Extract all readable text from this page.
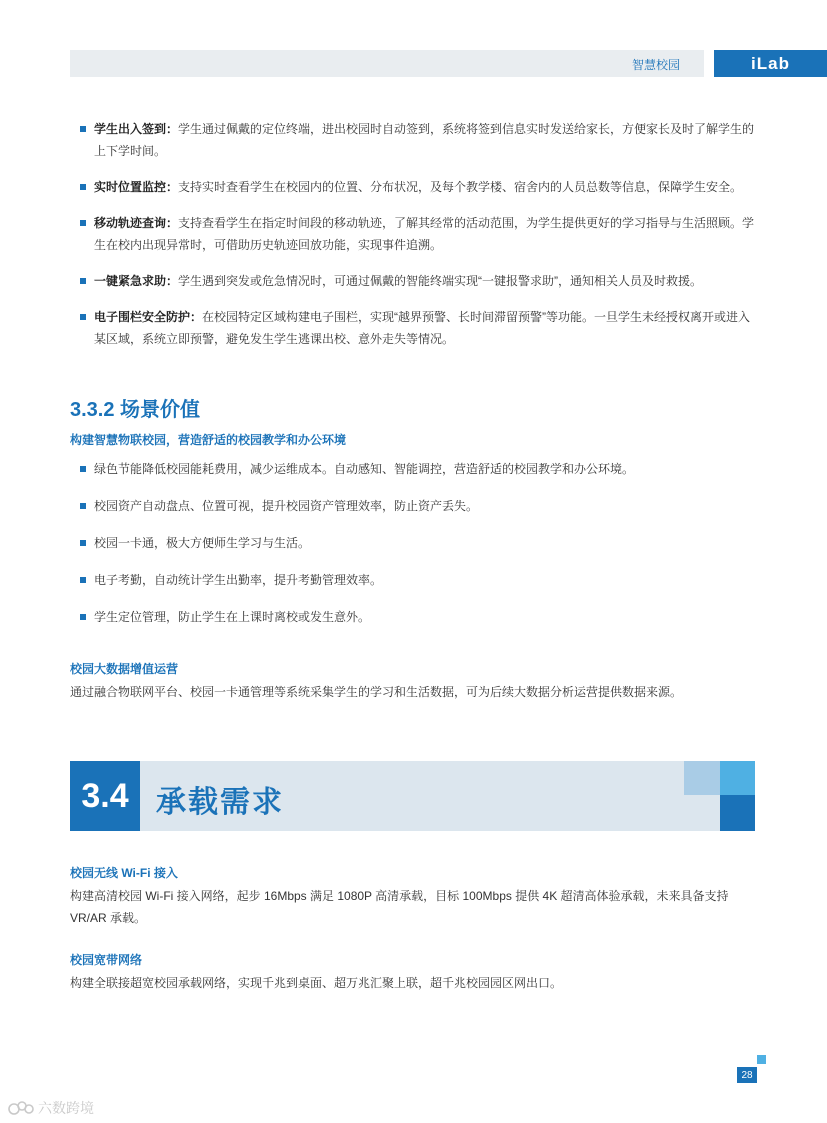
智慧校园	iLab
学生出入签到：学生通过佩戴的定位终端，进出校园时自动签到，系统将签到信息实时发送给家长，方便家长及时了解学生的上下学时间。
实时位置监控：支持实时查看学生在校园内的位置、分布状况，及每个教学楼、宿舍内的人员总数等信息，保障学生安全。
移动轨迹查询：支持查看学生在指定时间段的移动轨迹，了解其经常的活动范围，为学生提供更好的学习指导与生活照顾。学生在校内出现异常时，可借助历史轨迹回放功能，实现事件追溯。
一键紧急求助：学生遇到突发或危急情况时，可通过佩戴的智能终端实现“一键报警求助”，通知相关人员及时救援。
电子围栏安全防护：在校园特定区域构建电子围栏，实现“越界预警、长时间滞留预警”等功能。一旦学生未经授权离开或进入某区域，系统立即预警，避免发生学生逃课出校、意外走失等情况。
3.3.2 场景价值
构建智慧物联校园，营造舒适的校园教学和办公环境
绿色节能降低校园能耗费用，减少运维成本。自动感知、智能调控，营造舒适的校园教学和办公环境。
校园资产自动盘点、位置可视，提升校园资产管理效率，防止资产丢失。
校园一卡通，极大方便师生学习与生活。
电子考勤，自动统计学生出勤率，提升考勤管理效率。
学生定位管理，防止学生在上课时离校或发生意外。
校园大数据增值运营

通过融合物联网平台、校园一卡通管理等系统采集学生的学习和生活数据，可为后续大数据分析运营提供数据来源。

3.4 承载需求
校园无线 Wi-Fi 接入

构建高清校园 Wi-Fi 接入网络，起步 16Mbps 满足 1080P 高清承载，目标 100Mbps 提供 4K 超清高体验承载，未来具备支持 VR/AR 承载。

校园宽带网络

构建全联接超宽校园承载网络，实现千兆到桌面、超万兆汇聚上联，超千兆校园园区网出口。

28
六数跨境
